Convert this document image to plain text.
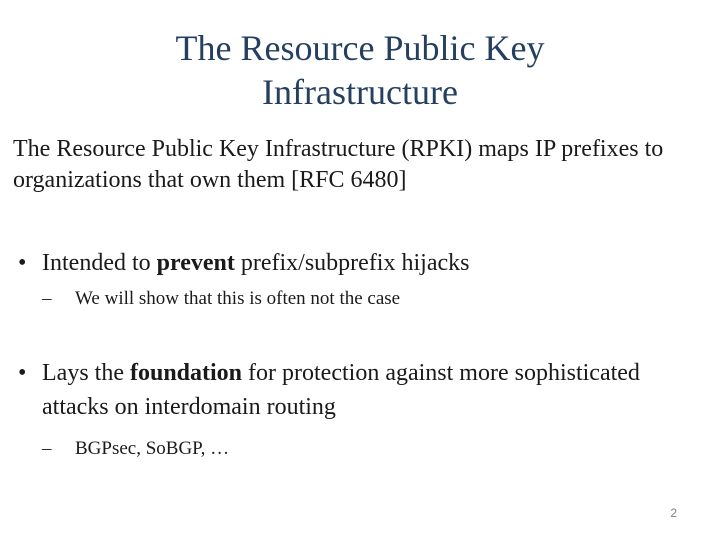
The Resource Public Key
Infrastructure

The Resource Public Key Infrastructure (RPKI) maps IP prefixes to organizations that own them [RFC 6480]

• Intended to prevent prefix/subprefix hijacks

– We will show that this is often not the case

• Lays the foundation for protection against more sophisticated attacks on interdomain routing

– BGPsec, SoBGP, …

2
